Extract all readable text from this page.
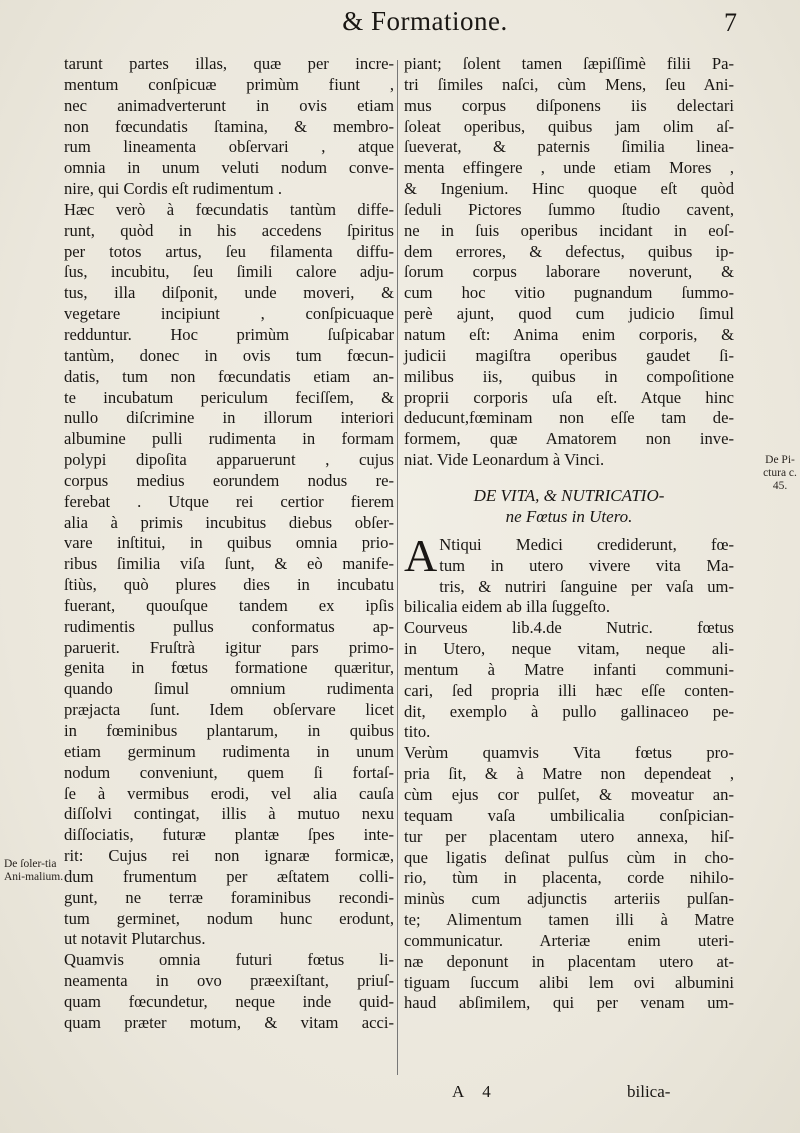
& Formatione.	7
tarunt partes illas, quæ per incre-
mentum conſpicuæ primùm fiunt ,
nec animadverterunt in ovis etiam
non fœcundatis ſtamina, & membro-
rum lineamenta obſervari , atque
omnia in unum veluti nodum conve-
nire, qui Cordis eſt rudimentum .
Hæc verò à fœcundatis tantùm diffe-
runt, quòd in his accedens ſpiritus
per totos artus, ſeu filamenta diffu-
ſus, incubitu, ſeu ſimili calore adju-
tus, illa diſponit, unde moveri, &
vegetare incipiunt , conſpicuaque
redduntur. Hoc primùm ſuſpicabar
tantùm, donec in ovis tum fœcun-
datis, tum non fœcundatis etiam an-
te incubatum periculum feciſſem, &
nullo diſcrimine in illorum interiori
albumine pulli rudimenta in formam
polypi dipoſita apparuerunt , cujus
corpus medius eorundem nodus re-
ferebat . Utque rei certior fierem
alia à primis incubitus diebus obſer-
vare inſtitui, in quibus omnia prio-
ribus ſimilia viſa ſunt, & eò manife-
ſtiùs, quò plures dies in incubatu
fuerant, quouſque tandem ex ipſis
rudimentis pullus conformatus ap-
paruerit. Fruſtrà igitur pars primo-
genita in fœtus formatione quæritur,
quando ſimul omnium rudimenta
præjacta ſunt. Idem obſervare licet
in fœminibus plantarum, in quibus
etiam germinum rudimenta in unum
nodum conveniunt, quem ſi fortaſ-
ſe à vermibus erodi, vel alia cauſa
diſſolvi contingat, illis à mutuo nexu
diſſociatis, futuræ plantæ ſpes inte-
rit: Cujus rei non ignaræ formicæ,
dum frumentum per æſtatem colli-
gunt, ne terræ foraminibus recondi-
tum germinet, nodum hunc erodunt,
ut notavit Plutarchus.
Quamvis omnia futuri fœtus li-
neamenta in ovo præexiſtant, priuſ-
quam fœcundetur, neque inde quid-
quam præter motum, & vitam acci-
piant; ſolent tamen ſæpiſſimè filii Pa-
tri ſimiles naſci, cùm Mens, ſeu Ani-
mus corpus diſponens iis delectari
ſoleat operibus, quibus jam olim aſ-
ſueverat, & paternis ſimilia linea-
menta effingere , unde etiam Mores ,
& Ingenium. Hinc quoque eſt quòd
ſeduli Pictores ſummo ſtudio cavent,
ne in ſuis operibus incidant in eoſ-
dem errores, & defectus, quibus ip-
ſorum corpus laborare noverunt, &
cum hoc vitio pugnandum ſummo-
perè ajunt, quod cum judicio ſimul
natum eſt: Anima enim corporis, &
judicii magiſtra operibus gaudet ſi-
milibus iis, quibus in compoſitione
proprii corporis uſa eſt. Atque hinc
deducunt,fœminam non eſſe tam de-
formem, quæ Amatorem non inve-
niat. Vide Leonardum à Vinci.
DE VITA, & NUTRICATIO-
ne Fœtus in Utero.
A Ntiqui Medici crediderunt, fœ-
tum in utero vivere vita Ma-
tris, & nutriri ſanguine per vaſa um-
bilicalia eidem ab illa ſuggeſto.
Courveus lib.4.de Nutric. fœtus
in Utero, neque vitam, neque ali-
mentum à Matre infanti communi-
cari, ſed propria illi hæc eſſe conten-
dit, exemplo à pullo gallinaceo pe-
tito.
Verùm quamvis Vita fœtus pro-
pria ſit, & à Matre non dependeat ,
cùm ejus cor pulſet, & moveatur an-
tequam vaſa umbilicalia conſpician-
tur per placentam utero annexa, hiſ-
que ligatis deſinat pulſus cùm in cho-
rio, tùm in placenta, corde nihilo-
minùs cum adjunctis arteriis pulſan-
te; Alimentum tamen illi à Matre
communicatur. Arteriæ enim uteri-
næ deponunt in placentam utero at-
tiguam ſuccum alibi lem ovi albumini
haud abſimilem, qui per venam um-
De ſoler-tia Ani-malium.
De Pi-ctura c. 45.
A 4	bilica-
